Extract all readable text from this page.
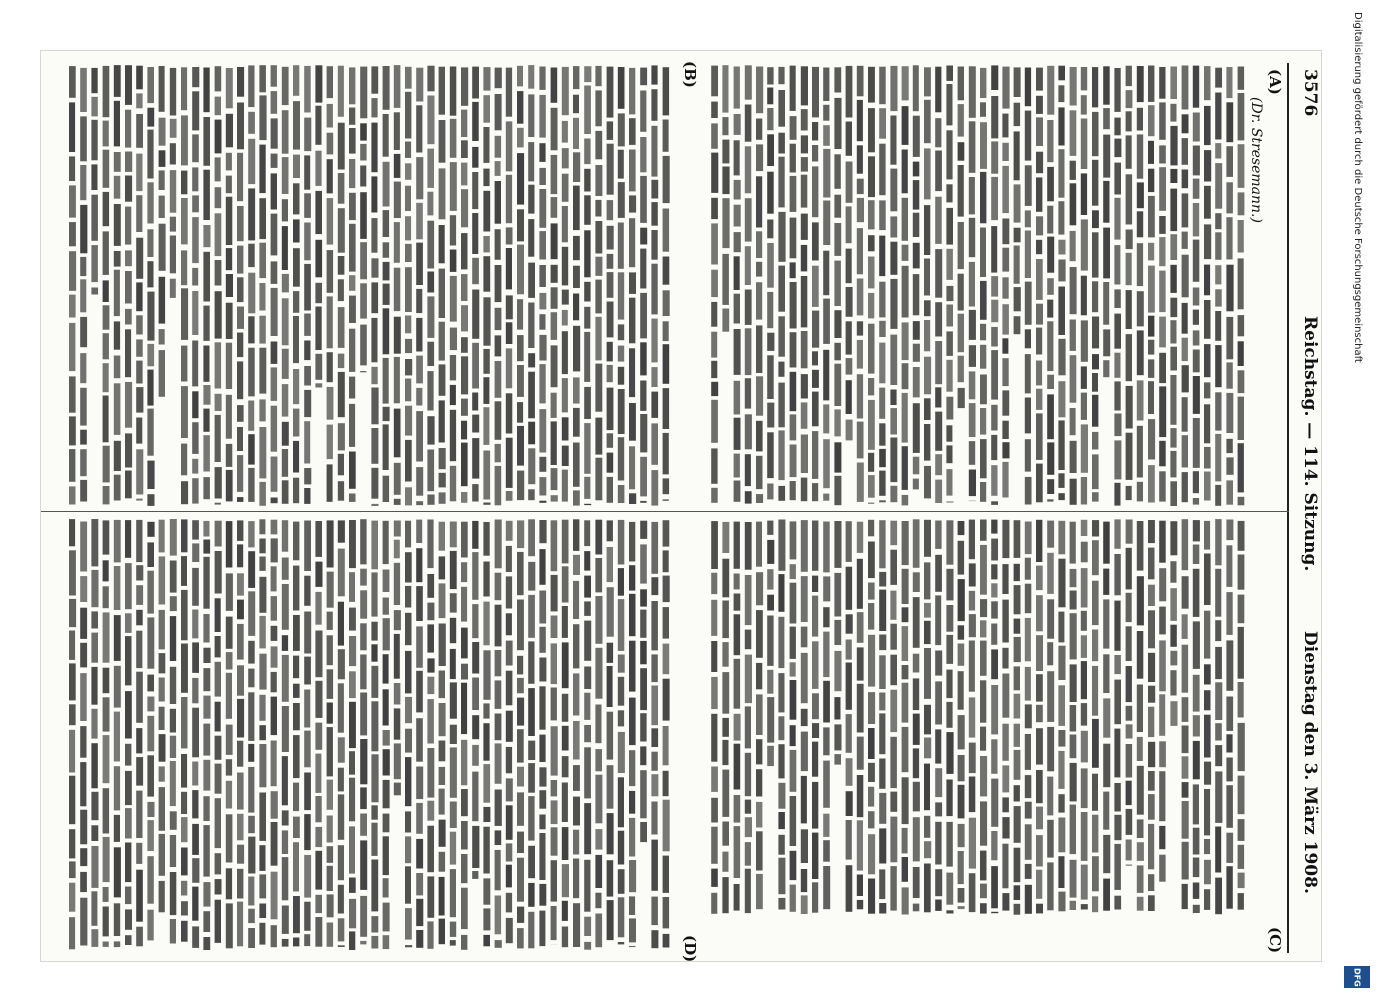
3576
Reichstag. — 114. Sitzung.
Dienstag den 3. März 1908.
(A)
(C)
(B)
(D)
(Dr. Stresemann.)	Digitalisierung gefördert durch die Deutsche Forschungsgemeinschaft
DFG
